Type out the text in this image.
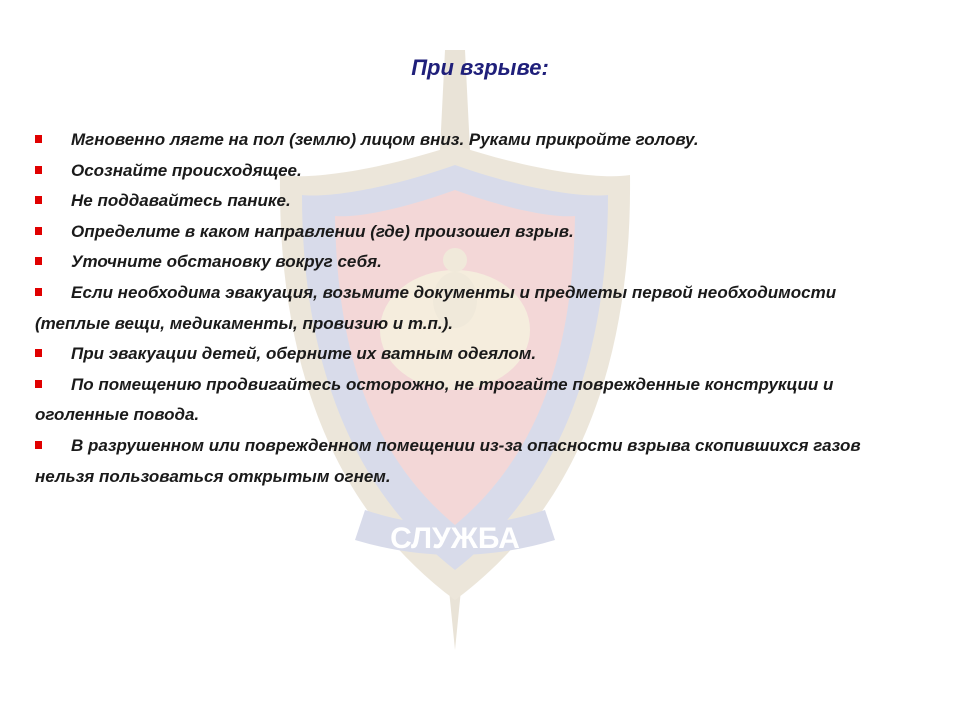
СЛУЖБА
При взрыве:

Мгновенно лягте на пол (землю) лицом вниз. Руками прикройте голову.

Осознайте происходящее.

Не поддавайтесь панике.

Определите в каком направлении (где) произошел взрыв.

Уточните обстановку вокруг себя.

Если необходима эвакуация, возьмите документы и предметы первой необходимости (теплые вещи, медикаменты, провизию и т.п.).

При эвакуации детей, оберните их ватным одеялом.

По помещению продвигайтесь осторожно, не трогайте поврежденные конструкции и оголенные повода.

В разрушенном или поврежденном помещении из-за опасности взрыва скопившихся газов нельзя пользоваться открытым огнем.
